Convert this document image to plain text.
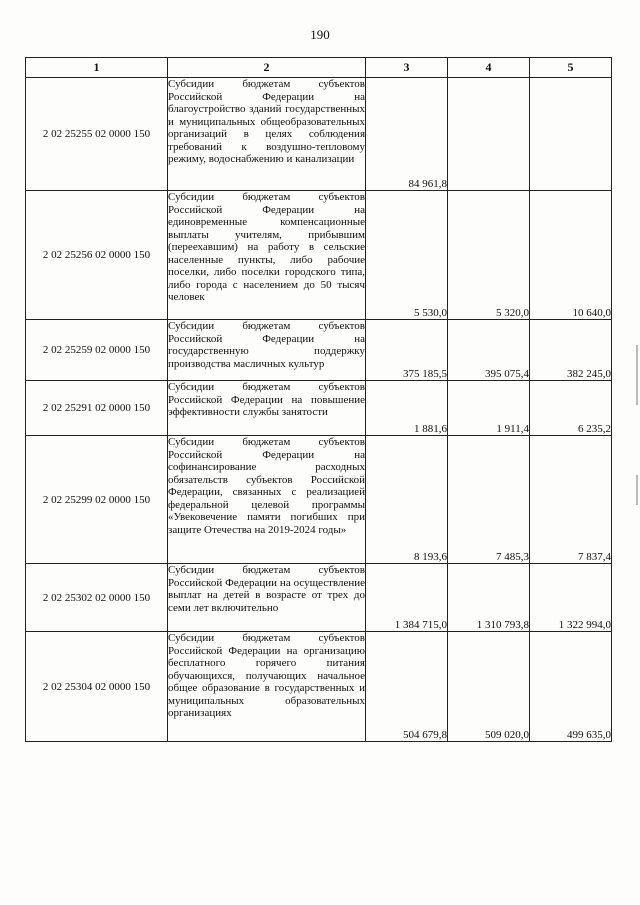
190
1	2	3	4	5
2 02 25255 02 0000 150	Субсидии бюджетам субъектов Российской Федерации на благоустройство зданий государственных и муниципальных общеобразовательных организаций в целях соблюдения требований к воздушно-тепловому режиму, водоснабжению и канализации	84 961,8		
2 02 25256 02 0000 150	Субсидии бюджетам субъектов Российской Федерации на единовременные компенсационные выплаты учителям, прибывшим (переехавшим) на работу в сельские населенные пункты, либо рабочие поселки, либо поселки городского типа, либо города с населением до 50 тысяч человек	5 530,0	5 320,0	10 640,0
2 02 25259 02 0000 150	Субсидии бюджетам субъектов Российской Федерации на государственную поддержку производства масличных культур	375 185,5	395 075,4	382 245,0
2 02 25291 02 0000 150	Субсидии бюджетам субъектов Российской Федерации на повышение эффективности службы занятости	1 881,6	1 911,4	6 235,2
2 02 25299 02 0000 150	Субсидии бюджетам субъектов Российской Федерации на софинансирование расходных обязательств субъектов Российской Федерации, связанных с реализацией федеральной целевой программы «Увековечение памяти погибших при защите Отечества на 2019-2024 годы»	8 193,6	7 485,3	7 837,4
2 02 25302 02 0000 150	Субсидии бюджетам субъектов Российской Федерации на осуществление выплат на детей в возрасте от трех до семи лет включительно	1 384 715,0	1 310 793,8	1 322 994,0
2 02 25304 02 0000 150	Субсидии бюджетам субъектов Российской Федерации на организацию бесплатного горячего питания обучающихся, получающих начальное общее образование в государственных и муниципальных образовательных организациях	504 679,8	509 020,0	499 635,0
